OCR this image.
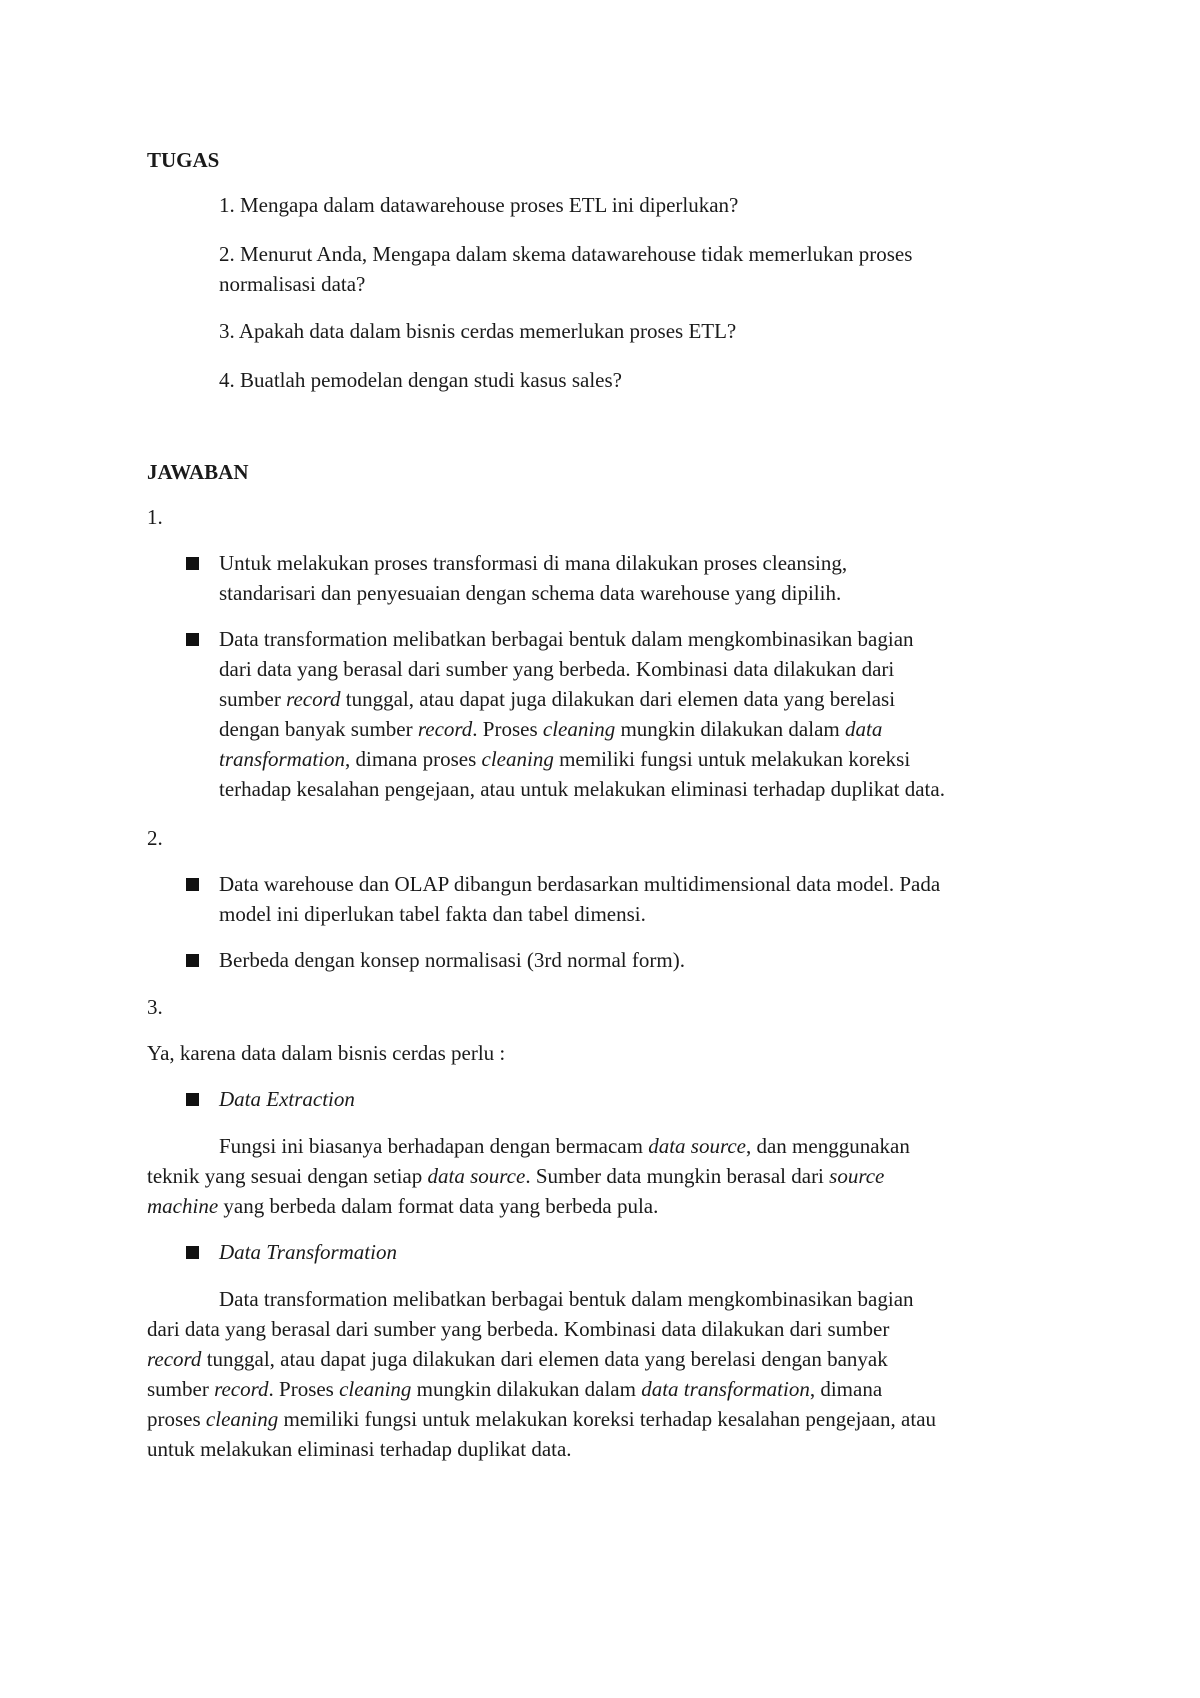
TUGAS

1. Mengapa dalam datawarehouse proses ETL ini diperlukan?

2. Menurut Anda, Mengapa dalam skema datawarehouse tidak memerlukan proses
normalisasi data?

3. Apakah data dalam bisnis cerdas memerlukan proses ETL?

4. Buatlah pemodelan dengan studi kasus sales?

JAWABAN

1.

Untuk melakukan proses transformasi di mana dilakukan proses cleansing,
standarisari dan penyesuaian dengan schema data warehouse yang dipilih.

Data transformation melibatkan berbagai bentuk dalam mengkombinasikan bagian
dari data yang berasal dari sumber yang berbeda. Kombinasi data dilakukan dari
sumber record tunggal, atau dapat juga dilakukan dari elemen data yang berelasi
dengan banyak sumber record. Proses cleaning mungkin dilakukan dalam data
transformation, dimana proses cleaning memiliki fungsi untuk melakukan koreksi
terhadap kesalahan pengejaan, atau untuk melakukan eliminasi terhadap duplikat data.

2.

Data warehouse dan OLAP dibangun berdasarkan multidimensional data model. Pada
model ini diperlukan tabel fakta dan tabel dimensi.

Berbeda dengan konsep normalisasi (3rd normal form).

3.

Ya, karena data dalam bisnis cerdas perlu :

Data Extraction

Fungsi ini biasanya berhadapan dengan bermacam data source, dan menggunakan
teknik yang sesuai dengan setiap data source. Sumber data mungkin berasal dari source
machine yang berbeda dalam format data yang berbeda pula.

Data Transformation

Data transformation melibatkan berbagai bentuk dalam mengkombinasikan bagian
dari data yang berasal dari sumber yang berbeda. Kombinasi data dilakukan dari sumber
record tunggal, atau dapat juga dilakukan dari elemen data yang berelasi dengan banyak
sumber record. Proses cleaning mungkin dilakukan dalam data transformation, dimana
proses cleaning memiliki fungsi untuk melakukan koreksi terhadap kesalahan pengejaan, atau
untuk melakukan eliminasi terhadap duplikat data.
